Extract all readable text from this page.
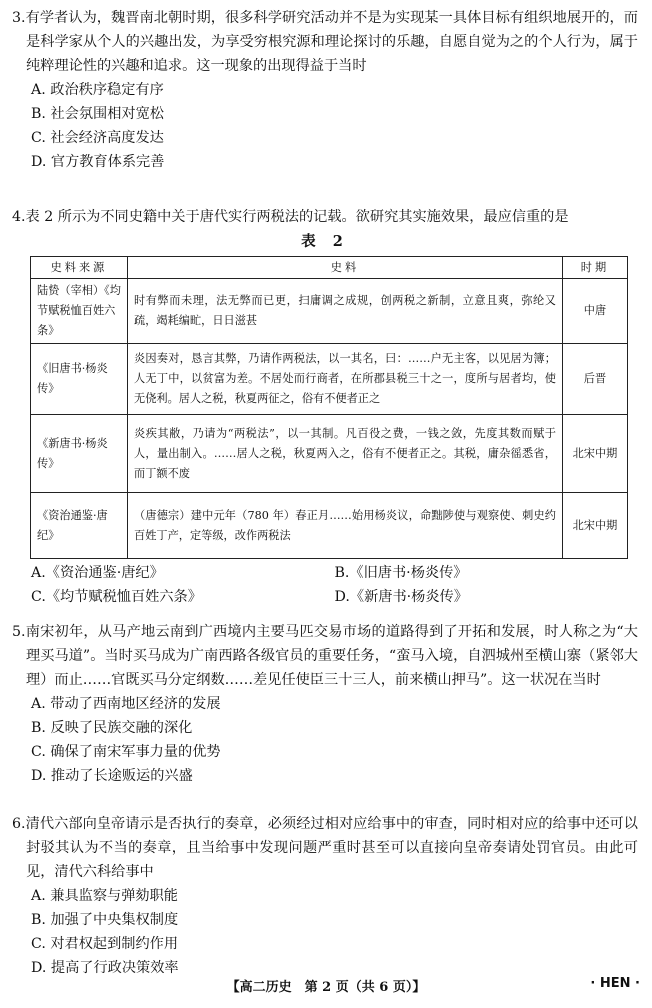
3.有学者认为，魏晋南北朝时期，很多科学研究活动并不是为实现某一具体目标有组织地展开的，而是科学家从个人的兴趣出发，为享受穷根究源和理论探讨的乐趣，自愿自觉为之的个人行为，属于纯粹理论性的兴趣和追求。这一现象的出现得益于当时
A. 政治秩序稳定有序
B. 社会氛围相对宽松
C. 社会经济高度发达
D. 官方教育体系完善
4.表 2 所示为不同史籍中关于唐代实行两税法的记载。欲研究其实施效果，最应信重的是
表 2
史料来源	史料	时期
陆贽（宰相）《均节赋税恤百姓六条》	时有弊而未理，法无弊而已更，扫庸调之成规，创两税之新制，立意且爽，弥纶又疏，竭耗编甿，日日滋甚	中唐
《旧唐书·杨炎传》	炎因奏对，恳言其弊，乃请作两税法，以一其名，曰：……户无主客，以见居为簿；人无丁中，以贫富为差。不居处而行商者，在所郡县税三十之一，度所与居者均，使无侥利。居人之税，秋夏两征之，俗有不便者正之	后晋
《新唐书·杨炎传》	炎疾其敝，乃请为“两税法”，以一其制。凡百役之费，一钱之敛，先度其数而赋于人，量出制入。……居人之税，秋夏两入之，俗有不便者正之。其税，庸杂徭悉省，而丁额不废	北宋中期
《资治通鉴·唐纪》	（唐德宗）建中元年（780 年）春正月……始用杨炎议，命黜陟使与观察使、刺史约百姓丁产，定等级，改作两税法	北宋中期
A.《资治通鉴·唐纪》	B.《旧唐书·杨炎传》
C.《均节赋税恤百姓六条》	D.《新唐书·杨炎传》
5.南宋初年，从马产地云南到广西境内主要马匹交易市场的道路得到了开拓和发展，时人称之为“大理买马道”。当时买马成为广南西路各级官员的重要任务，“蛮马入境，自泗城州至横山寨（紧邻大理）而止……官既买马分定纲数……差见任使臣三十三人，前来横山押马”。这一状况在当时
A. 带动了西南地区经济的发展
B. 反映了民族交融的深化
C. 确保了南宋军事力量的优势
D. 推动了长途贩运的兴盛
6.清代六部向皇帝请示是否执行的奏章，必须经过相对应给事中的审查，同时相对应的给事中还可以封驳其认为不当的奏章，且当给事中发现问题严重时甚至可以直接向皇帝奏请处罚官员。由此可见，清代六科给事中
A. 兼具监察与弹劾职能
B. 加强了中央集权制度
C. 对君权起到制约作用
D. 提高了行政决策效率
【高二历史　第 2 页（共 6 页）】	· HEN ·
